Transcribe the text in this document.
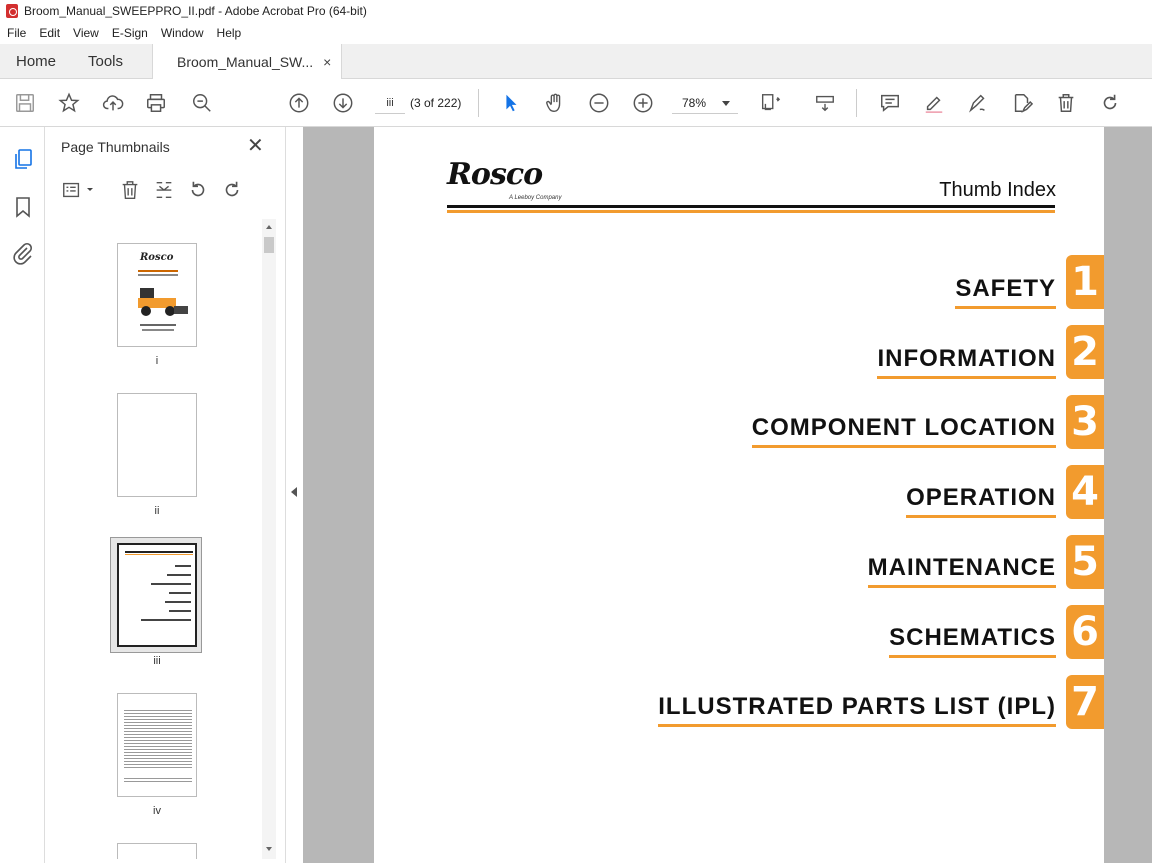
Broom_Manual_SWEEPPRO_II.pdf - Adobe Acrobat Pro (64-bit)
File	Edit	View	E-Sign	Window	Help
Home Tools	Broom_Manual_SW... ×
iii	(3 of 222)	78%
Page Thumbnails	✕
Rosco
i
ii
iii
iv
Rosco
A Leeboy Company	Thumb Index
SAFETY 1
INFORMATION 2
COMPONENT LOCATION 3
OPERATION 4
MAINTENANCE 5
SCHEMATICS 6
ILLUSTRATED PARTS LIST (IPL) 7
